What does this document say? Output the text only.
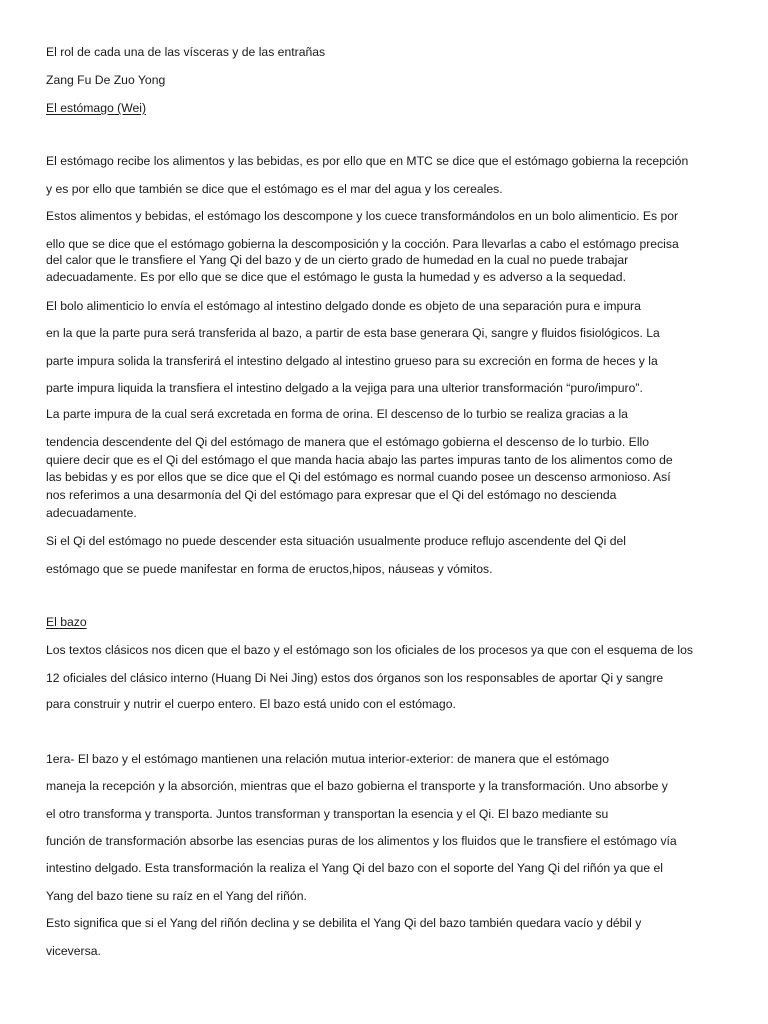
El rol de cada una de las vísceras y de las entrañas

Zang Fu De Zuo Yong

El estómago (Wei)

El estómago recibe los alimentos y las bebidas, es por ello que en MTC se dice que el estómago gobierna la recepción

y es por ello que también se dice que el estómago es el mar del agua y los cereales.

Estos alimentos y bebidas, el estómago los descompone y los cuece transformándolos en un bolo alimenticio. Es por

ello que se dice que el estómago gobierna la descomposición y la cocción. Para llevarlas a cabo el estómago precisa

del calor que le transfiere el Yang Qi del bazo y de un cierto grado de humedad en la cual no puede trabajar

adecuadamente. Es por ello que se dice que el estómago le gusta la humedad y es adverso a la sequedad.

El bolo alimenticio lo envía el estómago al intestino delgado donde es objeto de una separación pura e impura

en la que la parte pura será transferida al bazo, a partir de esta base generara Qi, sangre y fluidos fisiológicos. La

parte impura solida la transferirá el intestino delgado al intestino grueso para su excreción en forma de heces y la

parte impura liquida la transfiera el intestino delgado a la vejiga para una ulterior transformación “puro/impuro”.

La parte impura de la cual será excretada en forma de orina. El descenso de lo turbio se realiza gracias a la

tendencia descendente del Qi del estómago de manera que el estómago gobierna el descenso de lo turbio. Ello

quiere decir que es el Qi del estómago el que manda hacia abajo las partes impuras tanto de los alimentos como de

las bebidas y es por ellos que se dice que el Qi del estómago es normal cuando posee un descenso armonioso. Así

nos referimos a una desarmonía del Qi del estómago para expresar que el Qi del estómago no descienda

adecuadamente.

Si el Qi del estómago no puede descender esta situación usualmente produce reflujo ascendente del Qi del

estómago que se puede manifestar en forma de eructos,hipos, náuseas y vómitos.

El bazo

Los textos clásicos nos dicen que el bazo y el estómago son los oficiales de los procesos ya que con el esquema de los

12 oficiales del clásico interno (Huang Di Nei Jing) estos dos órganos son los responsables de aportar Qi y sangre

para construir y nutrir el cuerpo entero. El bazo está unido con el estómago.

1era- El bazo y el estómago mantienen una relación mutua interior-exterior: de manera que el estómago

maneja la recepción y la absorción, mientras que el bazo gobierna el transporte y la transformación. Uno absorbe y

el otro transforma y transporta. Juntos transforman y transportan la esencia y el Qi. El bazo mediante su

función de transformación absorbe las esencias puras de los alimentos y los fluidos que le transfiere el estómago vía

intestino delgado. Esta transformación la realiza el Yang Qi del bazo con el soporte del Yang Qi del riñón ya que el

Yang del bazo tiene su raíz en el Yang del riñón.

Esto significa que si el Yang del riñón declina y se debilita el Yang Qi del bazo también quedara vacío y débil y

viceversa.
